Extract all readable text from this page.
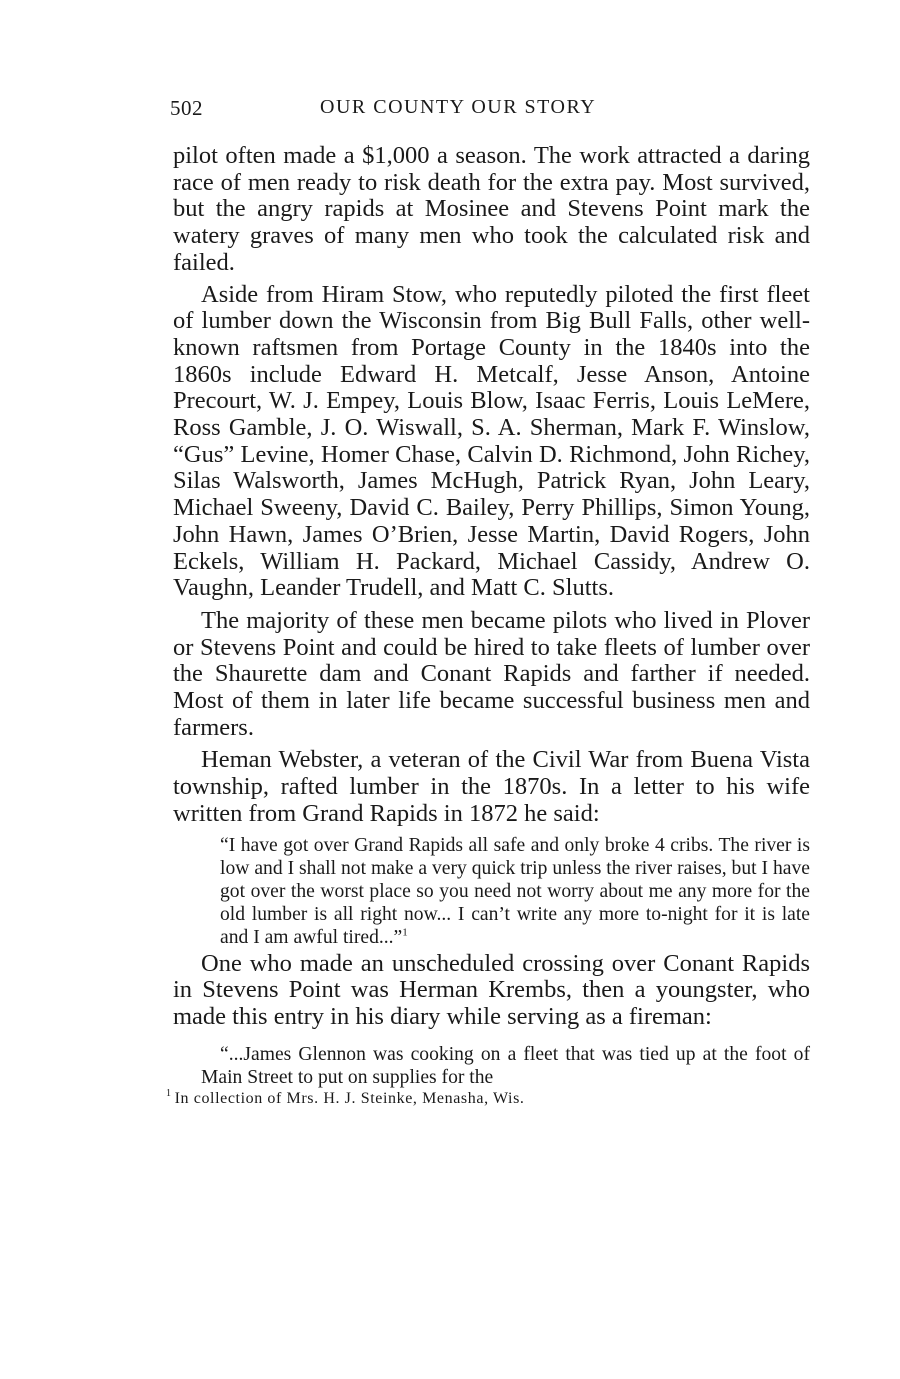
502	OUR COUNTY OUR STORY

pilot often made a $1,000 a season. The work attracted a daring race of men ready to risk death for the extra pay. Most survived, but the angry rapids at Mosinee and Stevens Point mark the watery graves of many men who took the calculated risk and failed.

Aside from Hiram Stow, who reputedly piloted the first fleet of lumber down the Wisconsin from Big Bull Falls, other well-known raftsmen from Portage County in the 1840s into the 1860s include Edward H. Metcalf, Jesse Anson, Antoine Precourt, W. J. Empey, Louis Blow, Isaac Ferris, Louis LeMere, Ross Gamble, J. O. Wiswall, S. A. Sherman, Mark F. Winslow, “Gus” Levine, Homer Chase, Calvin D. Richmond, John Richey, Silas Walsworth, James McHugh, Patrick Ryan, John Leary, Michael Sweeny, David C. Bailey, Perry Phillips, Simon Young, John Hawn, James O’Brien, Jesse Martin, David Rogers, John Eckels, William H. Packard, Michael Cassidy, Andrew O. Vaughn, Leander Trudell, and Matt C. Slutts.

The majority of these men became pilots who lived in Plover or Stevens Point and could be hired to take fleets of lumber over the Shaurette dam and Conant Rapids and farther if needed. Most of them in later life became successful business men and farmers.

Heman Webster, a veteran of the Civil War from Buena Vista township, rafted lumber in the 1870s. In a letter to his wife written from Grand Rapids in 1872 he said:

“I have got over Grand Rapids all safe and only broke 4 cribs. The river is low and I shall not make a very quick trip unless the river raises, but I have got over the worst place so you need not worry about me any more for the old lumber is all right now... I can’t write any more to-night for it is late and I am awful tired...”$^1$

One who made an unscheduled crossing over Conant Rapids in Stevens Point was Herman Krembs, then a youngster, who made this entry in his diary while serving as a fireman:

“...James Glennon was cooking on a fleet that was tied up at the foot of Main Street to put on supplies for the
$^1$ In collection of Mrs. H. J. Steinke, Menasha, Wis.
